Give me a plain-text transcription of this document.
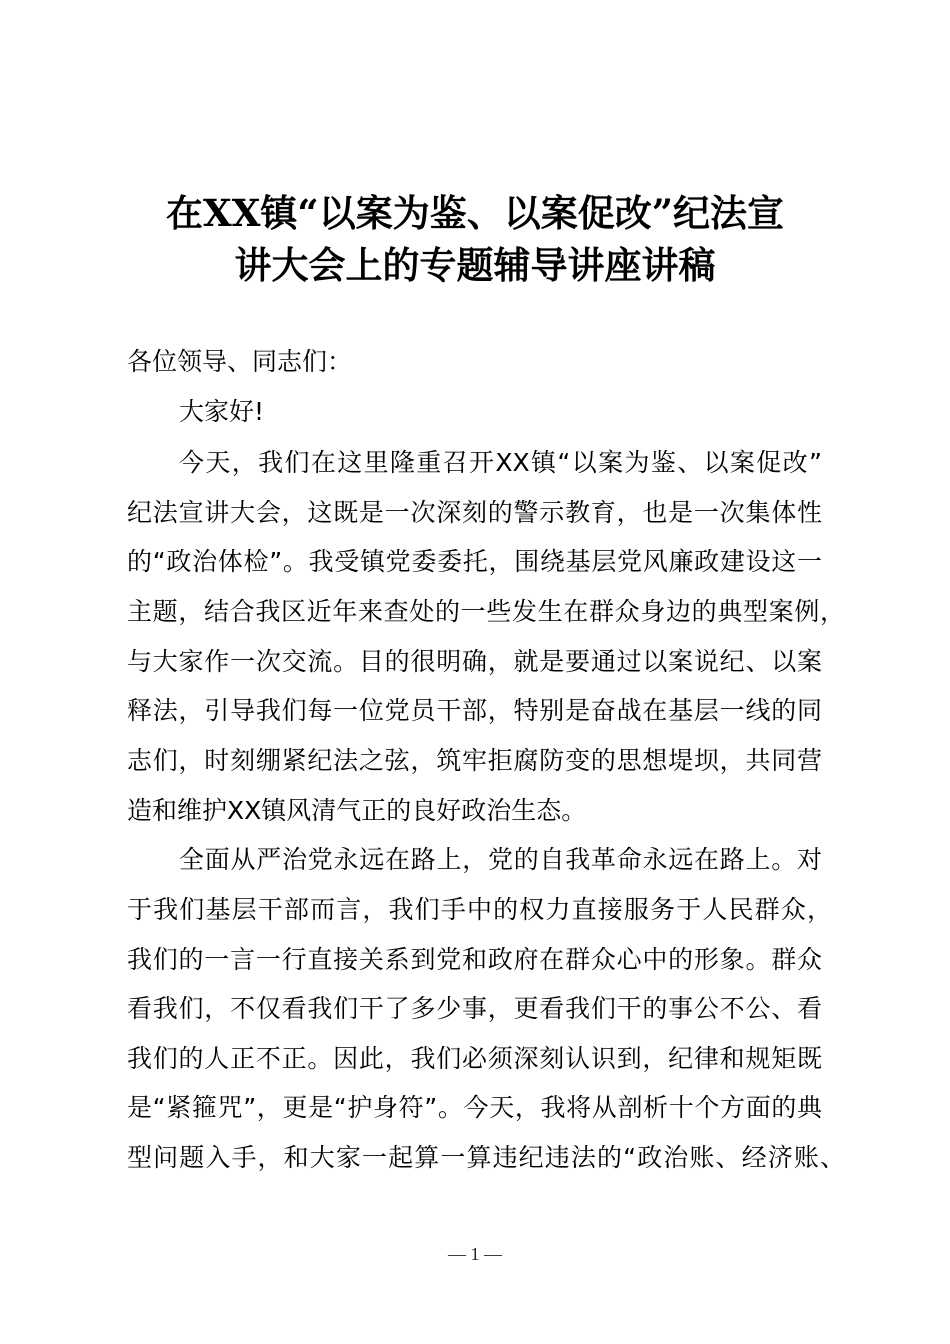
在XX镇“以案为鉴、以案促改”纪法宣
讲大会上的专题辅导讲座讲稿
各位领导、同志们：
大家好!
今天，我们在这里隆重召开XX镇“以案为鉴、以案促改”
纪法宣讲大会，这既是一次深刻的警示教育，也是一次集体性
的“政治体检”。我受镇党委委托，围绕基层党风廉政建设这一
主题，结合我区近年来查处的一些发生在群众身边的典型案例，
与大家作一次交流。目的很明确，就是要通过以案说纪、以案
释法，引导我们每一位党员干部，特别是奋战在基层一线的同
志们，时刻绷紧纪法之弦，筑牢拒腐防变的思想堤坝，共同营
造和维护XX镇风清气正的良好政治生态。
全面从严治党永远在路上，党的自我革命永远在路上。对
于我们基层干部而言，我们手中的权力直接服务于人民群众，
我们的一言一行直接关系到党和政府在群众心中的形象。群众
看我们，不仅看我们干了多少事，更看我们干的事公不公、看
我们的人正不正。因此，我们必须深刻认识到，纪律和规矩既
是“紧箍咒”，更是“护身符”。今天，我将从剖析十个方面的典
型问题入手，和大家一起算一算违纪违法的“政治账、经济账、
— 1 —
